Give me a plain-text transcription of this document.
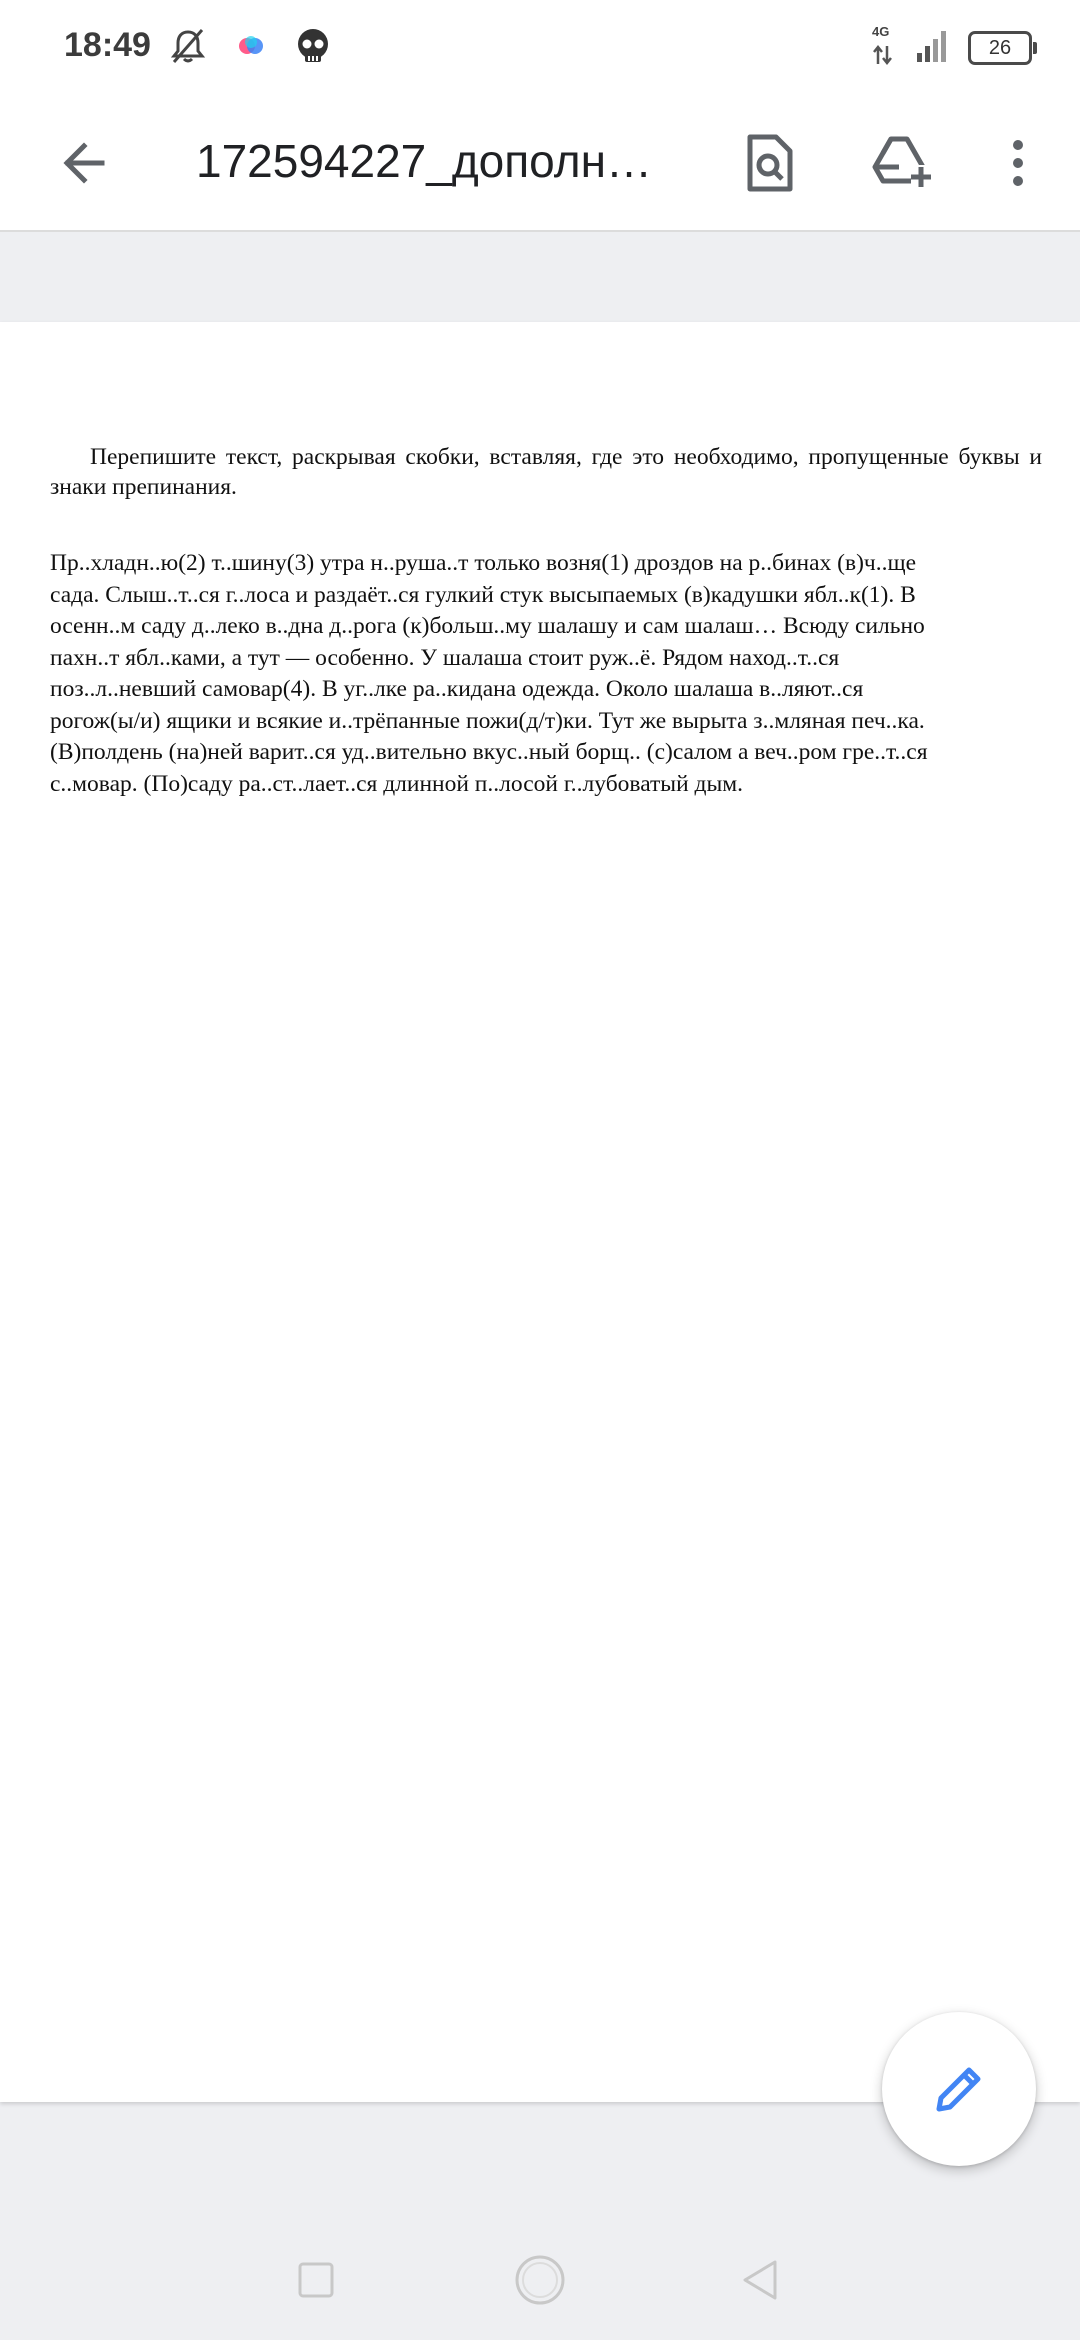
18:49	4G
26
172594227_дополн…
Перепишите текст, раскрывая скобки, вставляя, где это необходимо, пропущенные буквы и знаки препинания.
Пр..хладн..ю(2) т..шину(3) утра н..руша..т только возня(1) дроздов на р..бинах (в)ч..ще
сада. Слыш..т..ся г..лоса и раздаёт..ся гулкий стук высыпаемых (в)кадушки ябл..к(1). В
осенн..м саду д..леко в..дна д..рога (к)больш..му шалашу и сам шалаш… Всюду сильно
пахн..т ябл..ками, а тут — особенно. У шалаша стоит руж..ё. Рядом наход..т..ся
поз..л..невший самовар(4). В уг..лке ра..кидана одежда. Около шалаша в..ляют..ся
рогож(ы/и) ящики и всякие и..трёпанные пожи(д/т)ки. Тут же вырыта з..мляная печ..ка.
(В)полдень (на)ней варит..ся уд..вительно вкус..ный борщ.. (с)салом а веч..ром гре..т..ся
с..мовар. (По)саду ра..ст..лает..ся длинной п..лосой г..лубоватый дым.
